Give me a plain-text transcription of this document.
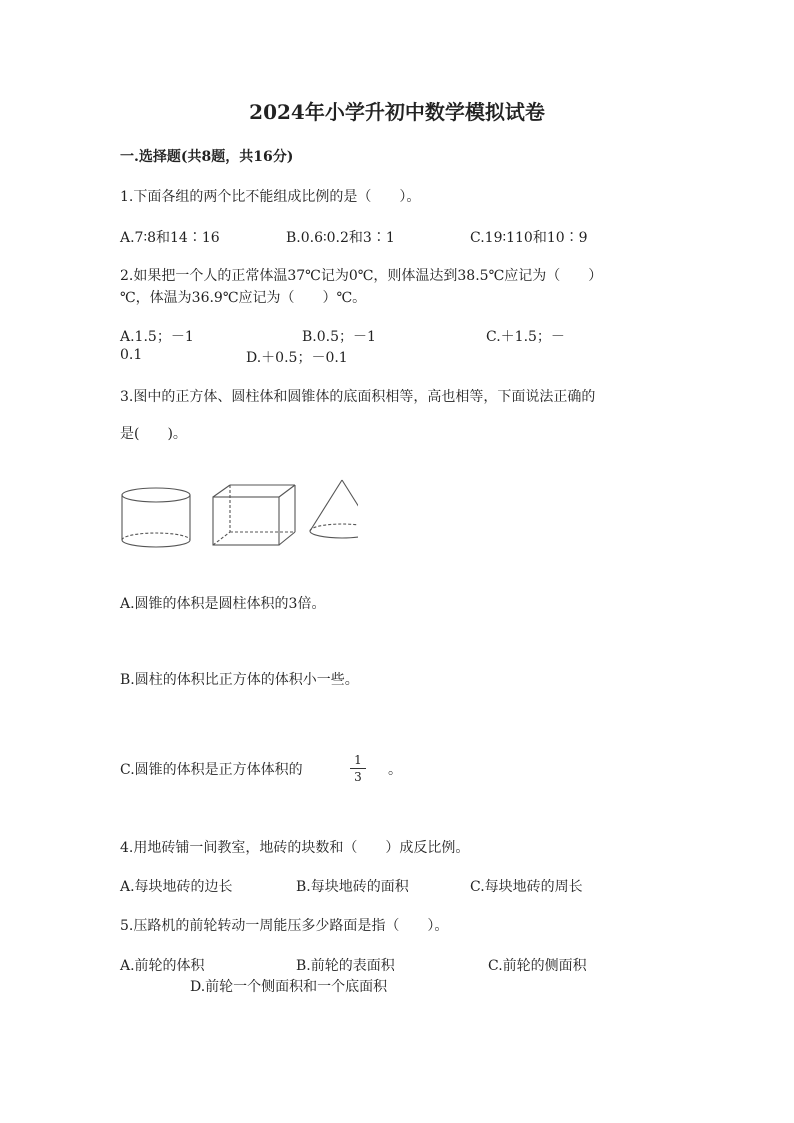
2024年小学升初中数学模拟试卷
一.选择题(共8题，共16分)
1.下面各组的两个比不能组成比例的是（　　）。
A.7∶8和14∶16	B.0.6∶0.2和3∶1	C.19∶110和10∶9
2.如果把一个人的正常体温37℃记为0℃，则体温达到38.5℃应记为（　　）
℃，体温为36.9℃应记为（　　）℃。
A.1.5；－1	B.0.5；－1	C.＋1.5；－
0.1	D.＋0.5；－0.1
3.图中的正方体、圆柱体和圆锥体的底面积相等，高也相等，下面说法正确的
是(　　)。
A.圆锥的体积是圆柱体积的3倍。
B.圆柱的体积比正方体的体积小一些。
C.圆锥的体积是正方体体积的	$\frac{1}{3}$ 。
4.用地砖铺一间教室，地砖的块数和（　　）成反比例。
A.每块地砖的边长	B.每块地砖的面积	C.每块地砖的周长
5.压路机的前轮转动一周能压多少路面是指（　　）。
A.前轮的体积	B.前轮的表面积	C.前轮的侧面积
D.前轮一个侧面积和一个底面积
